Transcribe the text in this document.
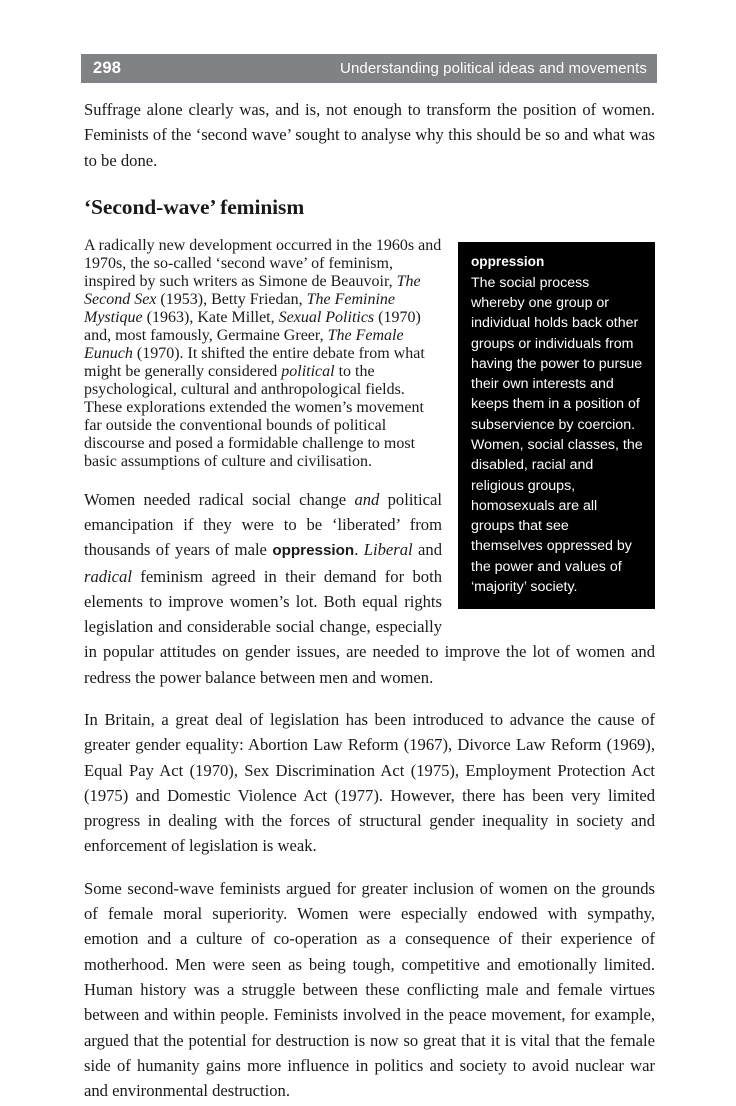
298	Understanding political ideas and movements

Suffrage alone clearly was, and is, not enough to transform the position of women. Feminists of the ‘second wave’ sought to analyse why this should be so and what was to be done.

‘Second-wave’ feminism

oppression
The social process whereby one group or individual holds back other groups or individuals from having the power to pursue their own interests and keeps them in a position of subservience by coercion. Women, social classes, the disabled, racial and religious groups, homosexuals are all groups that see themselves oppressed by the power and values of ‘majority’ society.
A radically new development occurred in the 1960s and 1970s, the so-called ‘second wave’ of feminism, inspired by such writers as Simone de Beauvoir, The Second Sex (1953), Betty Friedan, The Feminine Mystique (1963), Kate Millet, Sexual Politics (1970) and, most famously, Germaine Greer, The Female Eunuch (1970). It shifted the entire debate from what might be generally considered political to the psychological, cultural and anthropological fields. These explorations extended the women’s movement far outside the conventional bounds of political discourse and posed a formidable challenge to most basic assumptions of culture and civilisation.

Women needed radical social change and political emancipation if they were to be ‘liberated’ from thousands of years of male oppression. Liberal and radical feminism agreed in their demand for both elements to improve women’s lot. Both equal rights legislation and considerable social change, especially in popular attitudes on gender issues, are needed to improve the lot of women and redress the power balance between men and women.

In Britain, a great deal of legislation has been introduced to advance the cause of greater gender equality: Abortion Law Reform (1967), Divorce Law Reform (1969), Equal Pay Act (1970), Sex Discrimination Act (1975), Employment Protection Act (1975) and Domestic Violence Act (1977). However, there has been very limited progress in dealing with the forces of structural gender inequality in society and enforcement of legislation is weak.

Some second-wave feminists argued for greater inclusion of women on the grounds of female moral superiority. Women were especially endowed with sympathy, emotion and a culture of co-operation as a consequence of their experience of motherhood. Men were seen as being tough, competitive and emotionally limited. Human history was a struggle between these conflicting male and female virtues between and within people. Feminists involved in the peace movement, for example, argued that the potential for destruction is now so great that it is vital that the female side of humanity gains more influence in politics and society to avoid nuclear war and environmental destruction.
